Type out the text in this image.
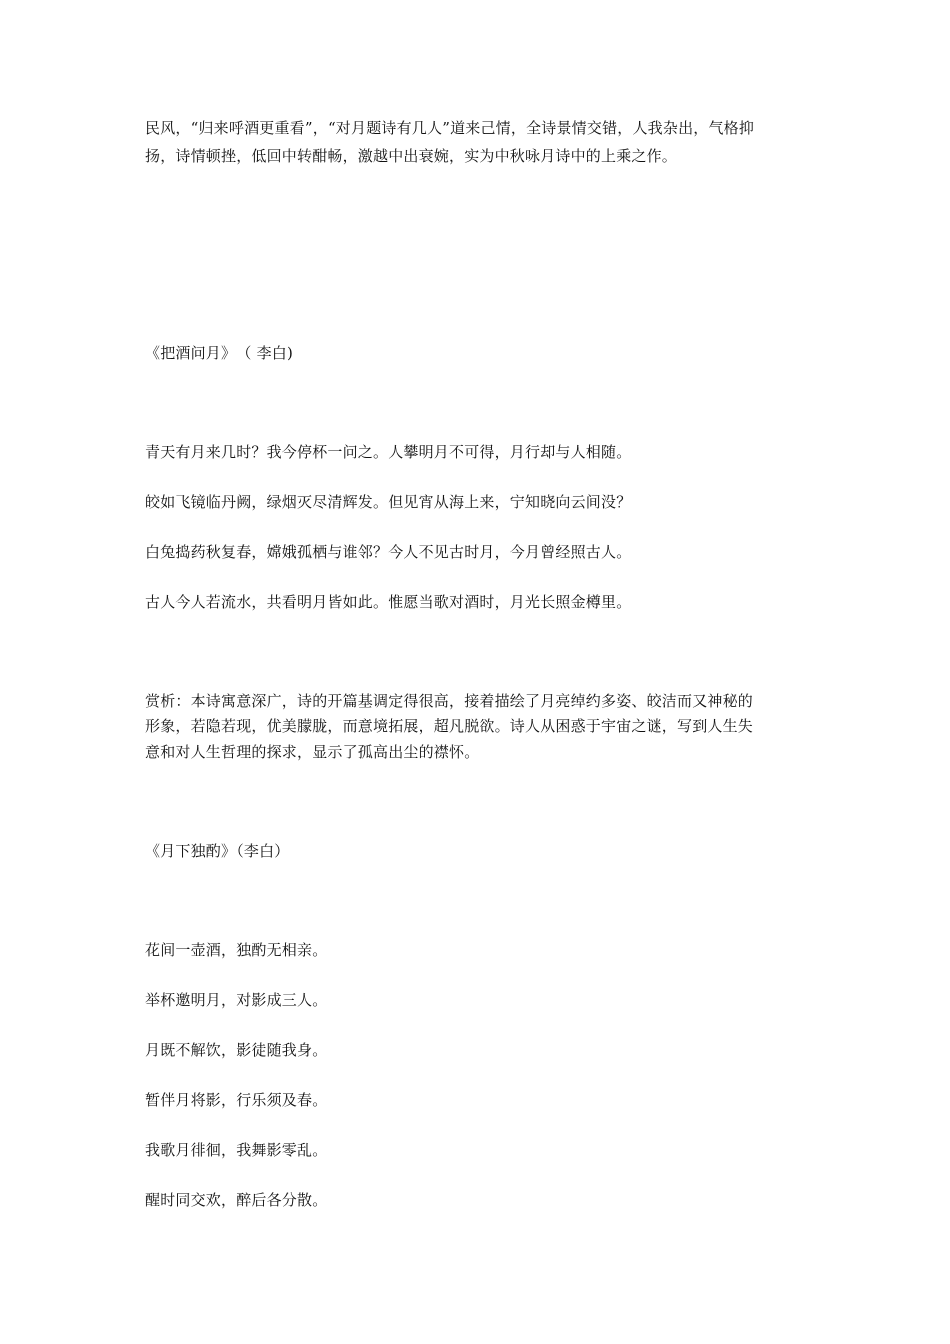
民风，“归来呼酒更重看”，“对月题诗有几人”道来己情，全诗景情交错，人我杂出，气格抑
扬，诗情顿挫，低回中转酣畅，激越中出衰婉，实为中秋咏月诗中的上乘之作。
《把酒问月》　（ 李白)
青天有月来几时？我今停杯一问之。人攀明月不可得，月行却与人相随。
皎如飞镜临丹阙，绿烟灭尽清辉发。但见宵从海上来，宁知晓向云间没？
白兔捣药秋复春，嫦娥孤栖与谁邻？今人不见古时月，今月曾经照古人。
古人今人若流水，共看明月皆如此。惟愿当歌对酒时，月光长照金樽里。
赏析：本诗寓意深广，诗的开篇基调定得很高，接着描绘了月亮绰约多姿、皎洁而又神秘的
形象，若隐若现，优美朦胧，而意境拓展，超凡脱欲。诗人从困惑于宇宙之谜，写到人生失
意和对人生哲理的探求，显示了孤高出尘的襟怀。
《月下独酌》（李白）
花间一壶酒，独酌无相亲。
举杯邀明月，对影成三人。
月既不解饮，影徒随我身。
暂伴月将影，行乐须及春。
我歌月徘徊，我舞影零乱。
醒时同交欢，醉后各分散。
